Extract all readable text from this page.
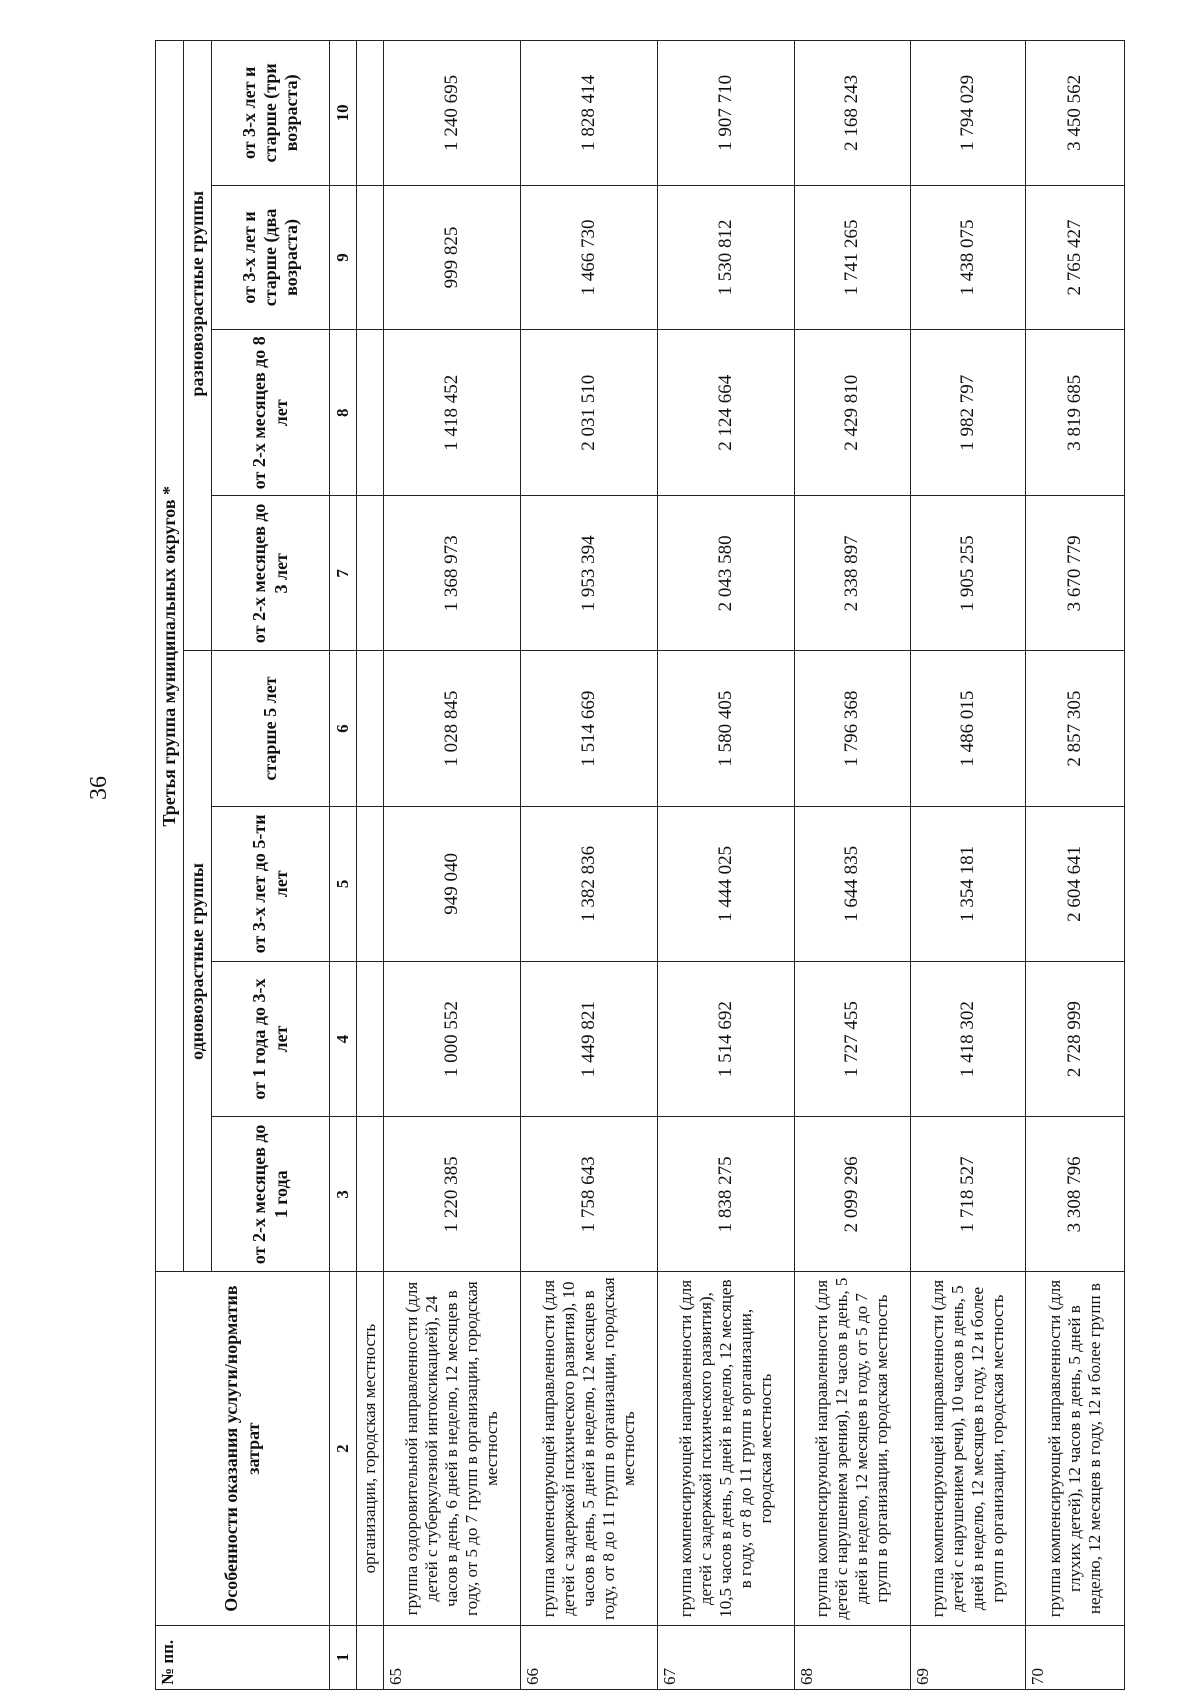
36
№ пп.	Особенности оказания услуги/норматив затрат	Третья группа муниципальных округов *							
		одновозрастные группы				разновозрастные группы			
		от 2-х месяцев до 1 года	от 1 года до 3-х лет	от 3-х лет до 5-ти лет	старше 5 лет	от 2-х месяцев до 3 лет	от 2-х месяцев до 8 лет	от 3-х лет и старше (два возраста)	от 3-х лет и старше (три возраста)
1	2	3	4	5	6	7	8	9	10
	организации, городская местность								
65	группа оздоровительной направленности (для детей с туберкулезной интоксикацией), 24 часов в день, 6 дней в неделю, 12 месяцев в году, от 5 до 7 групп в организации, городская местность	1 220 385	1 000 552	949 040	1 028 845	1 368 973	1 418 452	999 825	1 240 695
66	группа компенсирующей направленности (для детей с задержкой психического развития), 10 часов в день, 5 дней в неделю, 12 месяцев в году, от 8 до 11 групп в организации, городская местность	1 758 643	1 449 821	1 382 836	1 514 669	1 953 394	2 031 510	1 466 730	1 828 414
67	группа компенсирующей направленности (для детей с задержкой психического развития), 10,5 часов в день, 5 дней в неделю, 12 месяцев в году, от 8 до 11 групп в организации, городская местность	1 838 275	1 514 692	1 444 025	1 580 405	2 043 580	2 124 664	1 530 812	1 907 710
68	группа компенсирующей направленности (для детей с нарушением зрения), 12 часов в день, 5 дней в неделю, 12 месяцев в году, от 5 до 7 групп в организации, городская местность	2 099 296	1 727 455	1 644 835	1 796 368	2 338 897	2 429 810	1 741 265	2 168 243
69	группа компенсирующей направленности (для детей с нарушением речи), 10 часов в день, 5 дней в неделю, 12 месяцев в году, 12 и более групп в организации, городская местность	1 718 527	1 418 302	1 354 181	1 486 015	1 905 255	1 982 797	1 438 075	1 794 029
70	группа компенсирующей направленности (для глухих детей), 12 часов в день, 5 дней в неделю, 12 месяцев в году, 12 и более групп в	3 308 796	2 728 999	2 604 641	2 857 305	3 670 779	3 819 685	2 765 427	3 450 562
